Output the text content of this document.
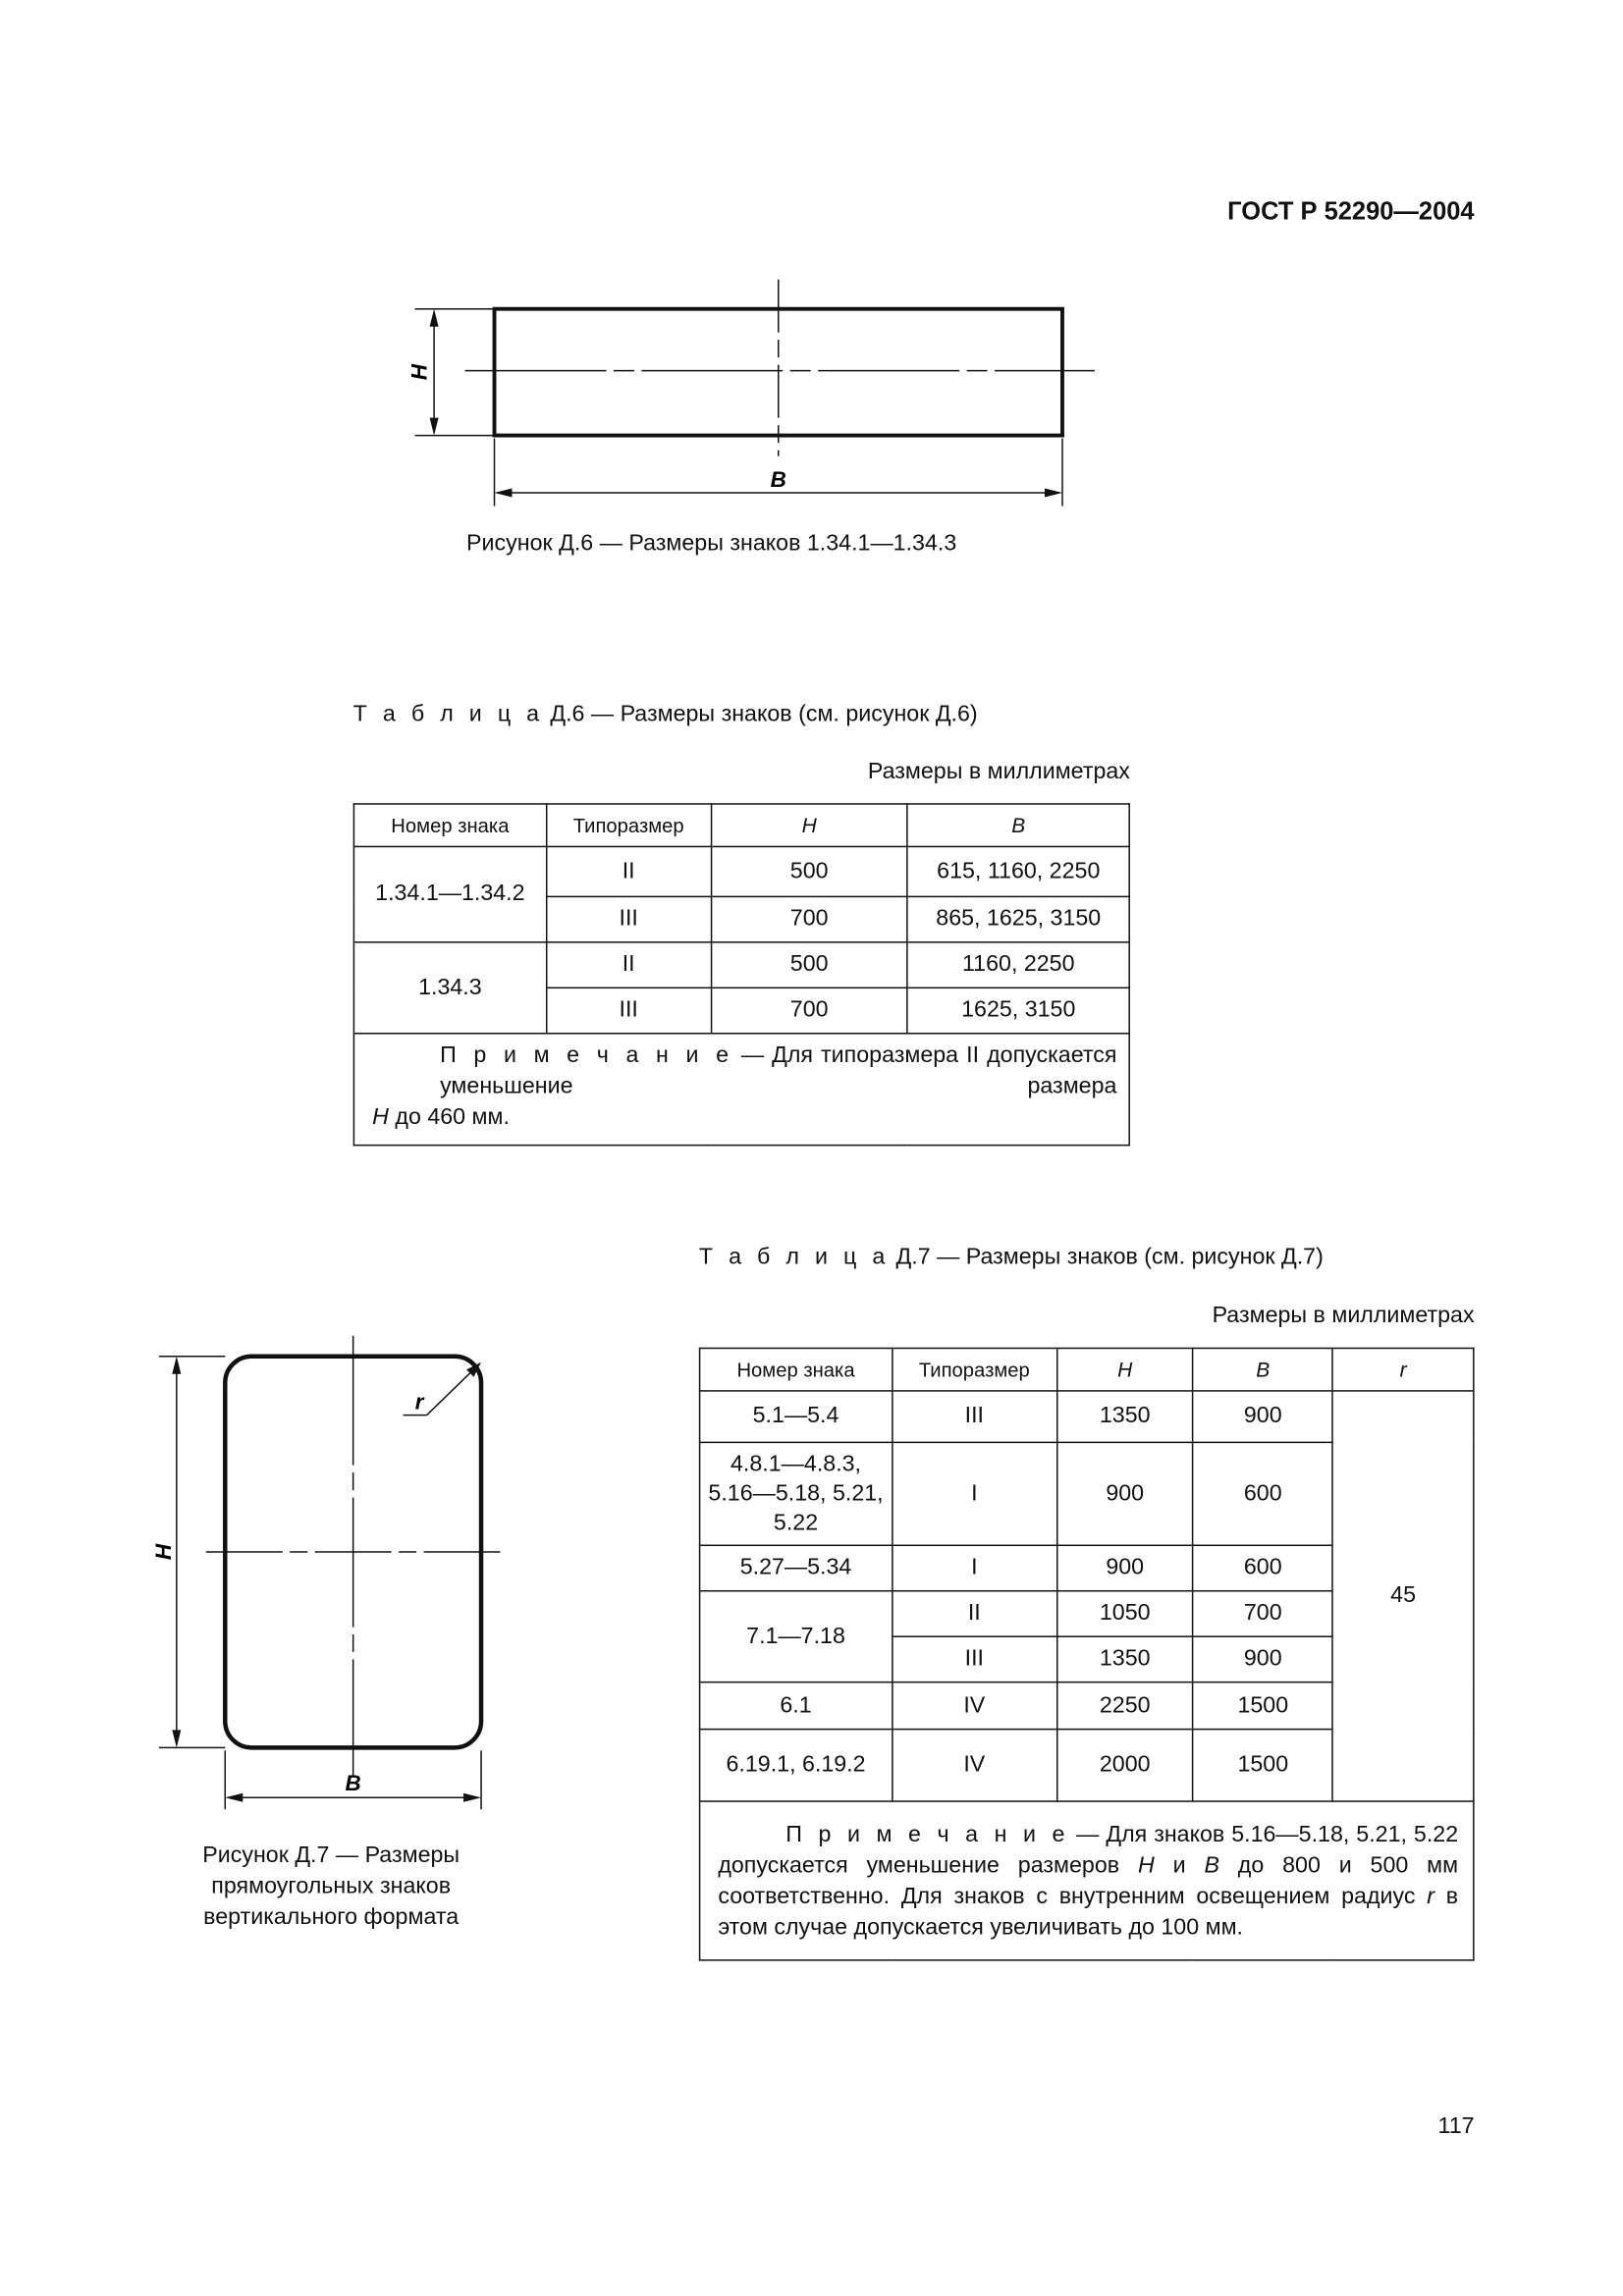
ГОСТ Р 52290—2004
H
B
Рисунок Д.6 — Размеры знаков 1.34.1—1.34.3
Т а б л и ц а Д.6 — Размеры знаков (см. рисунок Д.6)
Размеры в миллиметрах
Номер знака	Типоразмер	H	B
1.34.1—1.34.2	II	500	615, 1160, 2250
	III	700	865, 1625, 3150
1.34.3	II	500	1160, 2250
	III	700	1625, 3150

П р и м е ч а н и е — Для типоразмера II допускается уменьшение размера
H до 460 мм.			
Т а б л и ц а Д.7 — Размеры знаков (см. рисунок Д.7)
Размеры в миллиметрах
Номер знака	Типоразмер	H	B	r
5.1—5.4	III	1350	900	45
4.8.1—4.8.3, 5.16—5.18, 5.21, 5.22	I	900	600	
5.27—5.34	I	900	600	
7.1—7.18	II	1050	700	
	III	1350	900	
6.1	IV	2250	1500	
6.19.1, 6.19.2	IV	2000	1500	
П р и м е ч а н и е — Для знаков 5.16—5.18, 5.21, 5.22 допускается уменьшение размеров H и B до 800 и 500 мм соответственно. Для знаков с внутренним освещением радиус r в этом случае допускается увеличивать до 100 мм.				
r
H
B
Рисунок Д.7 — Размеры прямоугольных знаков вертикального формата
117
